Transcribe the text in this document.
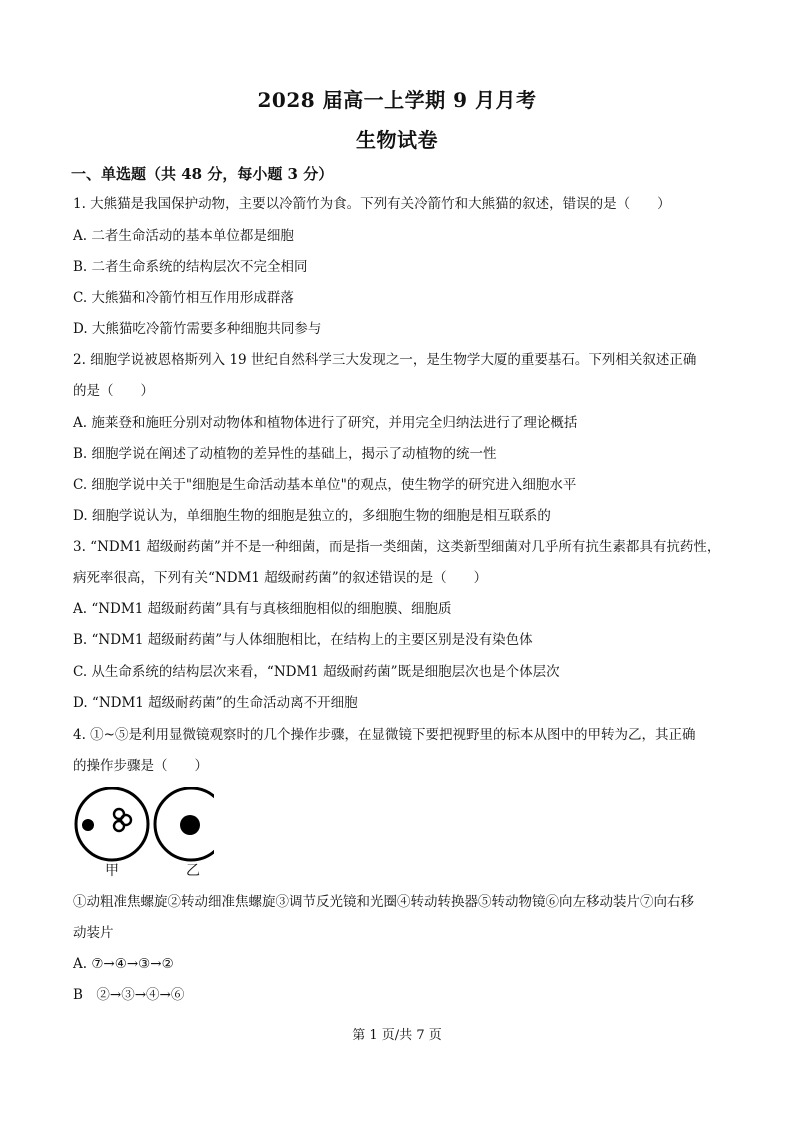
2028 届高一上学期 9 月月考
生物试卷
一、单选题（共 48 分，每小题 3 分）
1. 大熊猫是我国保护动物，主要以冷箭竹为食。下列有关冷箭竹和大熊猫的叙述，错误的是（　　）
A. 二者生命活动的基本单位都是细胞
B. 二者生命系统的结构层次不完全相同
C. 大熊猫和冷箭竹相互作用形成群落
D. 大熊猫吃冷箭竹需要多种细胞共同参与
2. 细胞学说被恩格斯列入 19 世纪自然科学三大发现之一，是生物学大厦的重要基石。下列相关叙述正确
的是（　　）
A. 施莱登和施旺分别对动物体和植物体进行了研究，并用完全归纳法进行了理论概括
B. 细胞学说在阐述了动植物的差异性的基础上，揭示了动植物的统一性
C. 细胞学说中关于"细胞是生命活动基本单位"的观点，使生物学的研究进入细胞水平
D. 细胞学说认为，单细胞生物的细胞是独立的，多细胞生物的细胞是相互联系的
3. “NDM1 超级耐药菌”并不是一种细菌，而是指一类细菌，这类新型细菌对几乎所有抗生素都具有抗药性，
病死率很高，下列有关“NDM1 超级耐药菌”的叙述错误的是（　　）
A. “NDM1 超级耐药菌”具有与真核细胞相似的细胞膜、细胞质
B. “NDM1 超级耐药菌”与人体细胞相比，在结构上的主要区别是没有染色体
C. 从生命系统的结构层次来看，“NDM1 超级耐药菌”既是细胞层次也是个体层次
D. “NDM1 超级耐药菌”的生命活动离不开细胞
4. ①~⑤是利用显微镜观察时的几个操作步骤，在显微镜下要把视野里的标本从图中的甲转为乙，其正确
的操作步骤是（　　）
甲	乙
①动粗准焦螺旋②转动细准焦螺旋③调节反光镜和光圈④转动转换器⑤转动物镜⑥向左移动装片⑦向右移
动装片
A. ⑦→④→③→②
B　②→③→④→⑥
第 1 页/共 7 页
